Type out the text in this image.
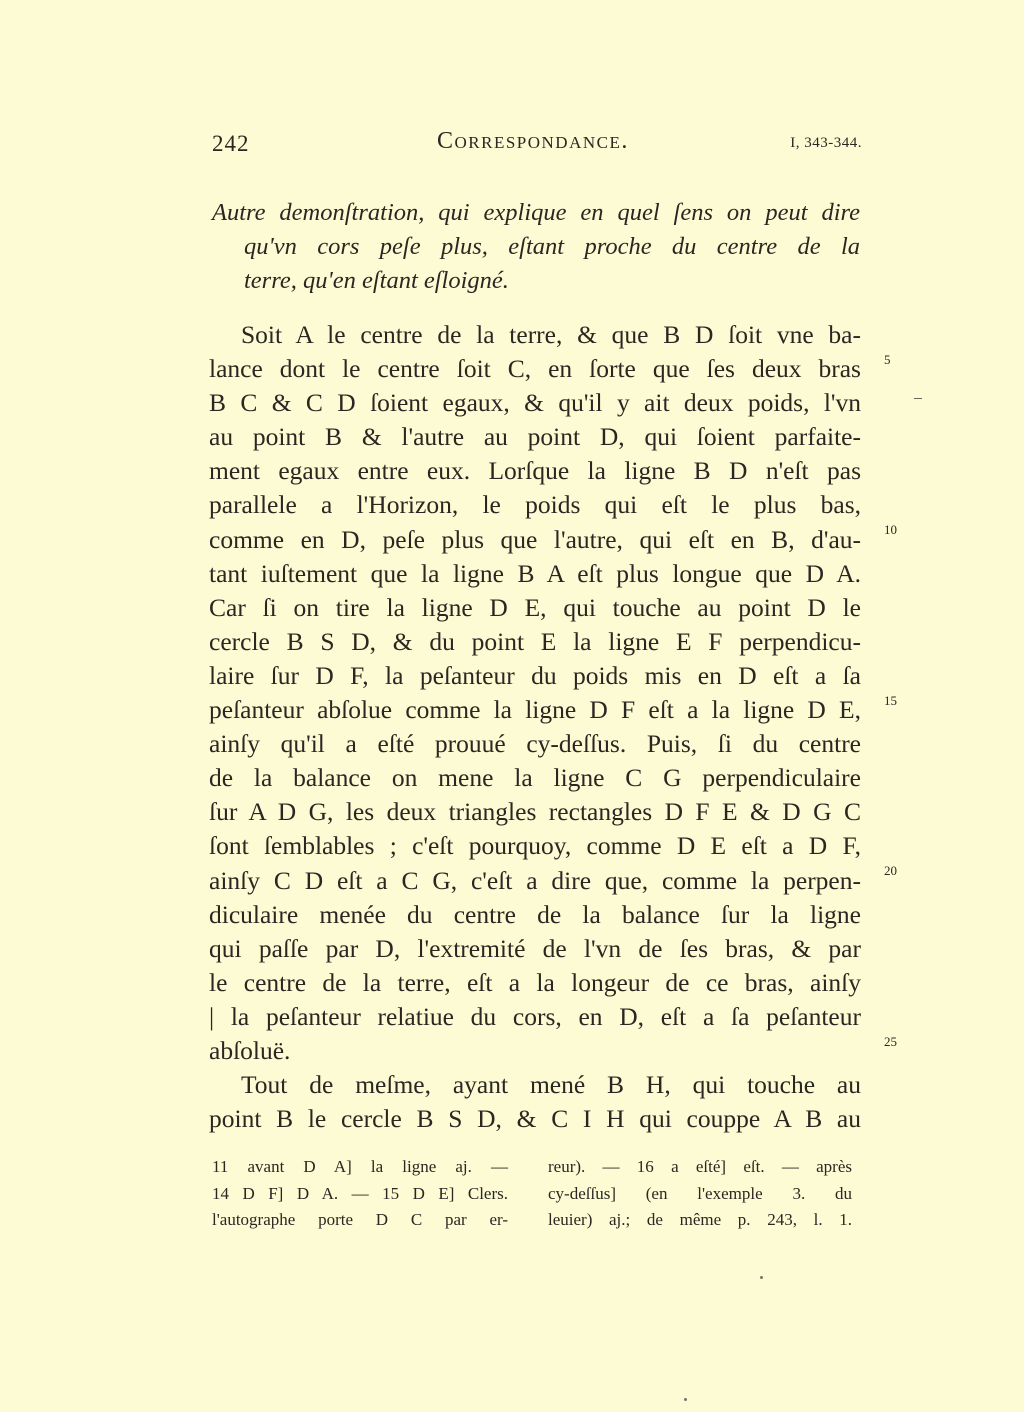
242	Correspondance.	I, 343-344.
Autre demonſtration, qui explique en quel ſens on peut dire
qu'vn cors peſe plus, eſtant proche du centre de la
terre, qu'en eſtant eſloigné.
Soit A le centre de la terre, & que B D ſoit vne ba-
lance dont le centre ſoit C, en ſorte que ſes deux bras
B C & C D ſoient egaux, & qu'il y ait deux poids, l'vn
au point B & l'autre au point D, qui ſoient parfaite-
ment egaux entre eux. Lorſque la ligne B D n'eſt pas
parallele a l'Horizon, le poids qui eſt le plus bas,
comme en D, peſe plus que l'autre, qui eſt en B, d'au-
tant iuſtement que la ligne B A eſt plus longue que D A.
Car ſi on tire la ligne D E, qui touche au point D le
cercle B S D, & du point E la ligne E F perpendicu-
laire ſur D F, la peſanteur du poids mis en D eſt a ſa
peſanteur abſolue comme la ligne D F eſt a la ligne D E,
ainſy qu'il a eſté prouué cy-deſſus. Puis, ſi du centre
de la balance on mene la ligne C G perpendiculaire
ſur A D G, les deux triangles rectangles D F E & D G C
ſont ſemblables ; c'eſt pourquoy, comme D E eſt a D F,
ainſy C D eſt a C G, c'eſt a dire que, comme la perpen-
diculaire menée du centre de la balance ſur la ligne
qui paſſe par D, l'extremité de l'vn de ſes bras, & par
le centre de la terre, eſt a la longeur de ce bras, ainſy
| la peſanteur relatiue du cors, en D, eſt a ſa peſanteur
abſoluë.
Tout de meſme, ayant mené B H, qui touche au
point B le cercle B S D, & C I H qui couppe A B au
5
10
15
20
25
11 avant D A] la ligne aj. —
14 D F] D A. — 15 D E] Clers.
l'autographe porte D C par er-
reur). — 16 a eſté] eſt. — après
cy-deſſus] (en l'exemple 3. du
leuier) aj.; de même p. 243, l. 1.
